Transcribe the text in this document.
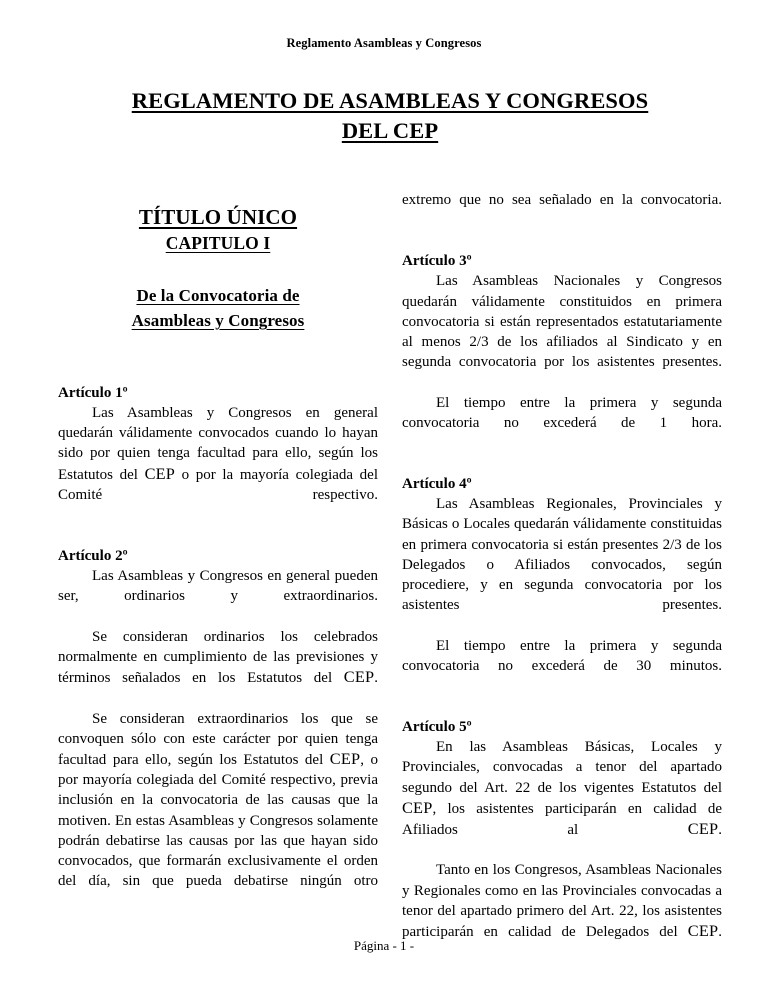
Reglamento Asambleas y Congresos
REGLAMENTO DE ASAMBLEAS Y CONGRESOS
DEL CEP
TÍTULO ÚNICO
CAPITULO I
De la Convocatoria de
Asambleas y Congresos
Artículo 1º

Las Asambleas y Congresos en general quedarán válidamente convocados cuando lo hayan sido por quien tenga facultad para ello, según los Estatutos del CEP o por la mayoría colegiada del Comité respectivo.

Artículo 2º

Las Asambleas y Congresos en general pueden ser, ordinarios y extraordinarios.

Se consideran ordinarios los celebrados normalmente en cumplimiento de las previsiones y términos señalados en los Estatutos del CEP.

Se consideran extraordinarios los que se convoquen sólo con este carácter por quien tenga facultad para ello, según los Estatutos del CEP, o por mayoría colegiada del Comité respectivo, previa inclusión en la convocatoria de las causas que la motiven. En estas Asambleas y Congresos solamente podrán debatirse las causas por las que hayan sido convocados, que formarán exclusivamente el orden del día, sin que pueda debatirse ningún otro

extremo que no sea señalado en la convocatoria.

Artículo 3º

Las Asambleas Nacionales y Congresos quedarán válidamente constituidos en primera convocatoria si están representados estatutariamente al menos 2/3 de los afiliados al Sindicato y en segunda convocatoria por los asistentes presentes.

El tiempo entre la primera y segunda convocatoria no excederá de 1 hora.

Artículo 4º

Las Asambleas Regionales, Provinciales y Básicas o Locales quedarán válidamente constituidas en primera convocatoria si están presentes 2/3 de los Delegados o Afiliados convocados, según procediere, y en segunda convocatoria por los asistentes presentes.

El tiempo entre la primera y segunda convocatoria no excederá de 30 minutos.

Artículo 5º

En las Asambleas Básicas, Locales y Provinciales, convocadas a tenor del apartado segundo del Art. 22 de los vigentes Estatutos del CEP, los asistentes participarán en calidad de Afiliados al CEP.

Tanto en los Congresos, Asambleas Nacionales y Regionales como en las Provinciales convocadas a tenor del apartado primero del Art. 22, los asistentes participarán en calidad de Delegados del CEP.

Página - 1 -
